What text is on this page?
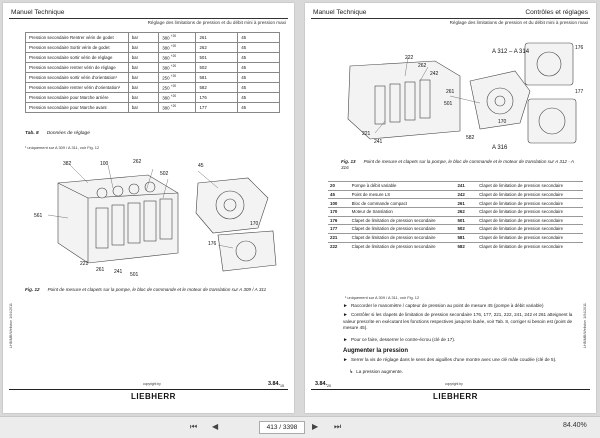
Manuel Technique
Réglage des limitations de pression et du débit mini à pression maxi
Pression secondaire Rentrer vérin de godet	bar	380 $^{+20}$	261	45
Pression secondaire Sortir vérin de godet	bar	380 $^{+20}$	262	45
Pression secondaire sortir vérin de réglage	bar	380 $^{+20}$	501	45
Pression secondaire rentrer vérin de réglage	bar	380 $^{+20}$	502	45
Pression secondaire sortir vérin d'orientation¹	bar	250 $^{+20}$	581	45
Pression secondaire rentrer vérin d'orientation¹	bar	250 $^{+20}$	582	45
Pression secondaire pour Marche arrière	bar	380 $^{+20}$	176	45
Pression secondaire pour Marche avant	bar	380 $^{+20}$	177	45
Tab. 8 Données de réglage
¹ uniquement sur A 309 / A 311, voir Fig. 12
382	100	262
502
45
561
176
221
261 241 501
170
Fig. 12 Point de mesure et clapets sur la pompe, le bloc de commande et le moteur de translation sur A 309 / A 311
LHB/MB/Wellston 1/04/2011
copyright by
LIEBHERR
$3.84._{15}$
Manuel Technique	Contrôles et réglages
Réglage des limitations de pression et du débit mini à pression maxi
222
262
242
261
501
221
241
582
A 312 – A 314
176
177
170
A 316
Fig. 13 Point de mesure et clapets sur la pompe, le bloc de commande et le moteur de translation sur A 312 - A 316
20	Pompe à débit variable	241	Clapet de limitation de pression secondaire
45	Point de mesure LS	242	Clapet de limitation de pression secondaire
100	Bloc de commande compact	261	Clapet de limitation de pression secondaire
170	Moteur de translation	262	Clapet de limitation de pression secondaire
176	Clapet de limitation de pression secondaire	501	Clapet de limitation de pression secondaire
177	Clapet de limitation de pression secondaire	502	Clapet de limitation de pression secondaire
221	Clapet de limitation de pression secondaire	581	Clapet de limitation de pression secondaire
222	Clapet de limitation de pression secondaire	582	Clapet de limitation de pression secondaire
¹ uniquement sur A 309 / A 311, voir Fig. 12
► Raccorder le manomètre / capteur de pression au point de mesure 45 (pompe à débit variable)
► Contrôler si les clapets de limitation de pression secondaire 176, 177, 221, 222, 241, 242 et 261 atteignent la valeur prescrite en exécutant les fonctions respectives jusqu'en butée, voir Tab. 8, corriger si besoin est (point de mesure 45).
► Pour ce faire, desserrer le contre-écrou (clé de 17).
Augmenter la pression
► Serrer la vis de réglage dans le sens des aiguilles d'une montre avec une clé mâle coudée (clé de 5).
↳ La pression augmente.
LHB/MB/Wellston 1/04/2011
copyright by
LIEBHERR
$3.84._{20}$
⏮ ◀	413 / 3398	▶ ⏭	84.40%
